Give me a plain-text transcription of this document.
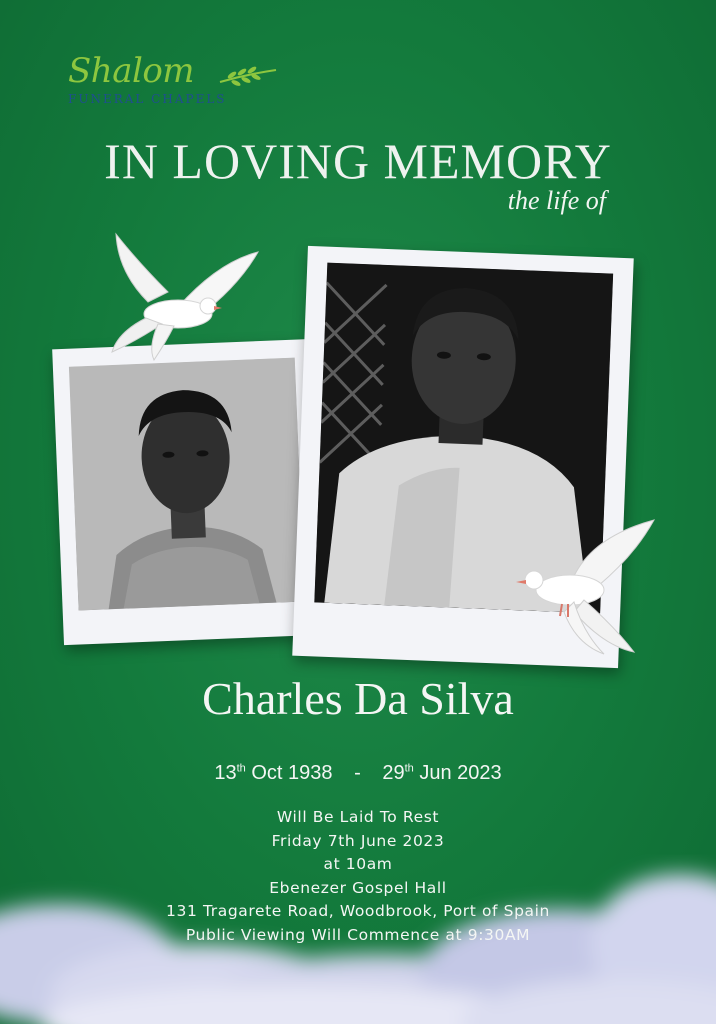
Shalom
FUNERAL CHAPELS
IN LOVING MEMORY
the life of
Charles Da Silva
13th Oct 1938 - 29th Jun 2023
Will Be Laid To Rest
Friday 7th June 2023
at 10am
Ebenezer Gospel Hall
131 Tragarete Road, Woodbrook, Port of Spain
Public Viewing Will Commence at 9:30AM
